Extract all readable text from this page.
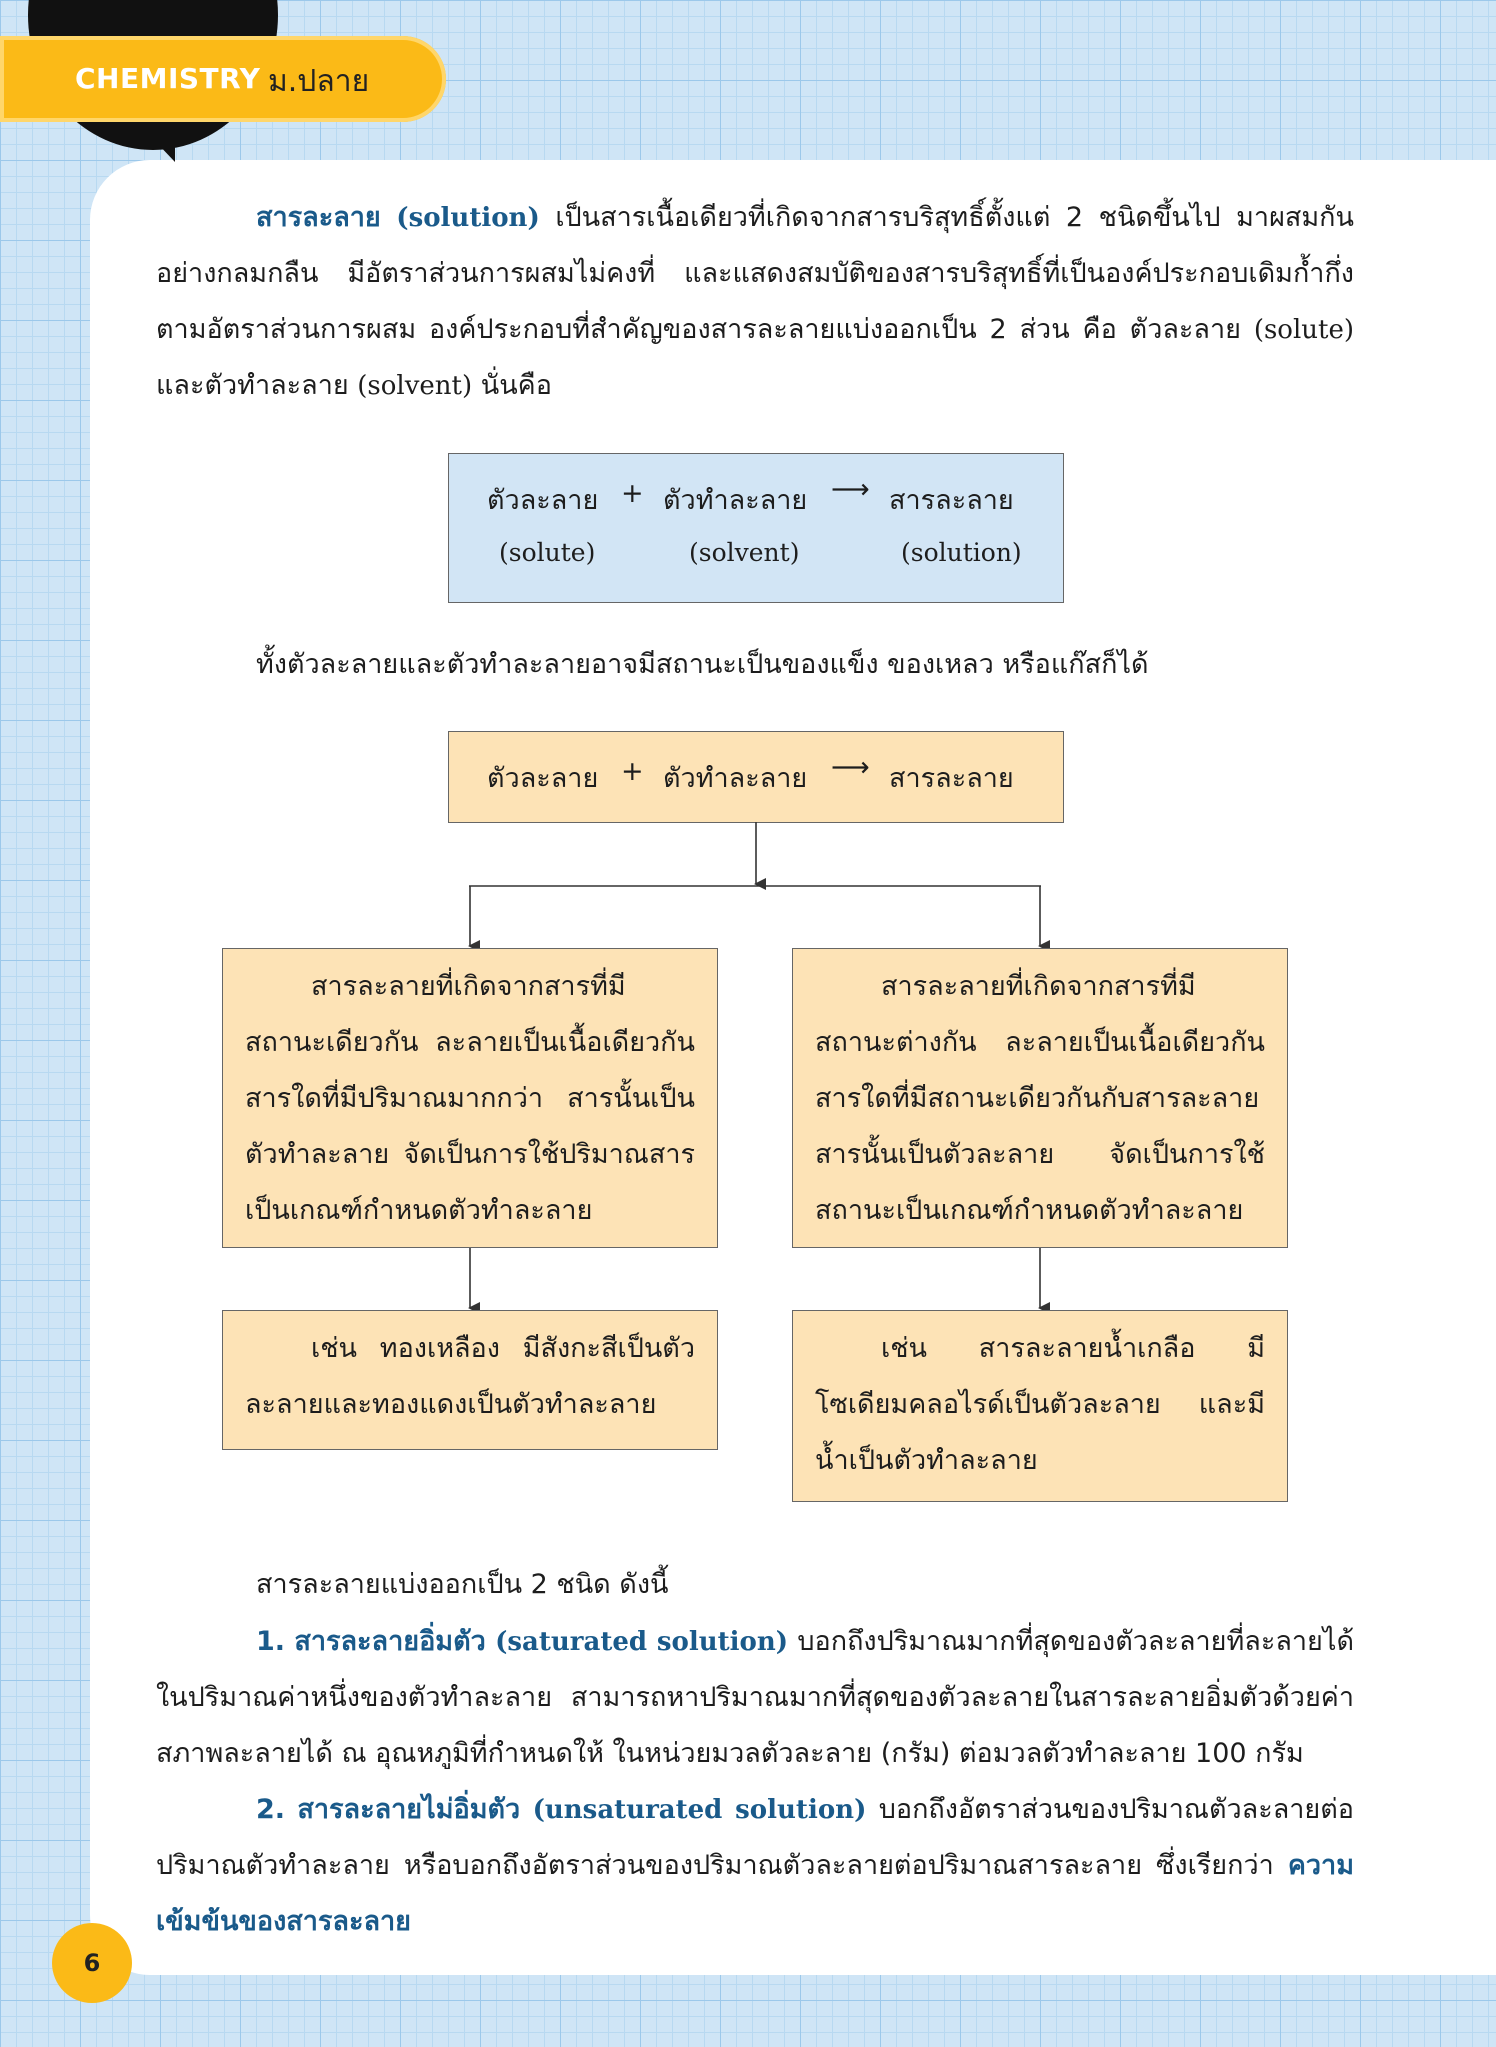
CHEMISTRY ม.ปลาย

สารละลาย (solution) เป็นสารเนื้อเดียวที่เกิดจากสารบริสุทธิ์ตั้งแต่ 2 ชนิดขึ้นไป มาผสมกันอย่างกลมกลืน มีอัตราส่วนการผสมไม่คงที่ และแสดงสมบัติของสารบริสุทธิ์ที่เป็นองค์ประกอบเดิมก้ำกึ่งตามอัตราส่วนการผสม องค์ประกอบที่สำคัญของสารละลายแบ่งออกเป็น 2 ส่วน คือ ตัวละลาย (solute) และตัวทำละลาย (solvent) นั่นคือ

ตัวละลาย + ตัวทำละลาย ⟶ สารละลาย
(solute)	(solvent)	(solution)
ทั้งตัวละลายและตัวทำละลายอาจมีสถานะเป็นของแข็ง ของเหลว หรือแก๊สก็ได้
ตัวละลาย + ตัวทำละลาย ⟶ สารละลาย

สารละลายที่เกิดจากสารที่มีสถานะเดียวกัน ละลายเป็นเนื้อเดียวกัน สารใดที่มีปริมาณมากกว่า สารนั้นเป็นตัวทำละลาย จัดเป็นการใช้ปริมาณสารเป็นเกณฑ์กำหนดตัวทำละลาย

สารละลายที่เกิดจากสารที่มีสถานะต่างกัน ละลายเป็นเนื้อเดียวกัน สารใดที่มีสถานะเดียวกันกับสารละลาย สารนั้นเป็นตัวละลาย จัดเป็นการใช้สถานะเป็นเกณฑ์กำหนดตัวทำละลาย

เช่น ทองเหลือง มีสังกะสีเป็นตัวละลายและทองแดงเป็นตัวทำละลาย

เช่น สารละลายน้ำเกลือ มีโซเดียมคลอไรด์เป็นตัวละลาย และมีน้ำเป็นตัวทำละลาย

สารละลายแบ่งออกเป็น 2 ชนิด ดังนี้

1. สารละลายอิ่มตัว (saturated solution) บอกถึงปริมาณมากที่สุดของตัวละลายที่ละลายได้ในปริมาณค่าหนึ่งของตัวทำละลาย สามารถหาปริมาณมากที่สุดของตัวละลายในสารละลายอิ่มตัวด้วยค่าสภาพละลายได้ ณ อุณหภูมิที่กำหนดให้ ในหน่วยมวลตัวละลาย (กรัม) ต่อมวลตัวทำละลาย 100 กรัม

2. สารละลายไม่อิ่มตัว (unsaturated solution) บอกถึงอัตราส่วนของปริมาณตัวละลายต่อปริมาณตัวทำละลาย หรือบอกถึงอัตราส่วนของปริมาณตัวละลายต่อปริมาณสารละลาย ซึ่งเรียกว่า ความเข้มข้นของสารละลาย

6
